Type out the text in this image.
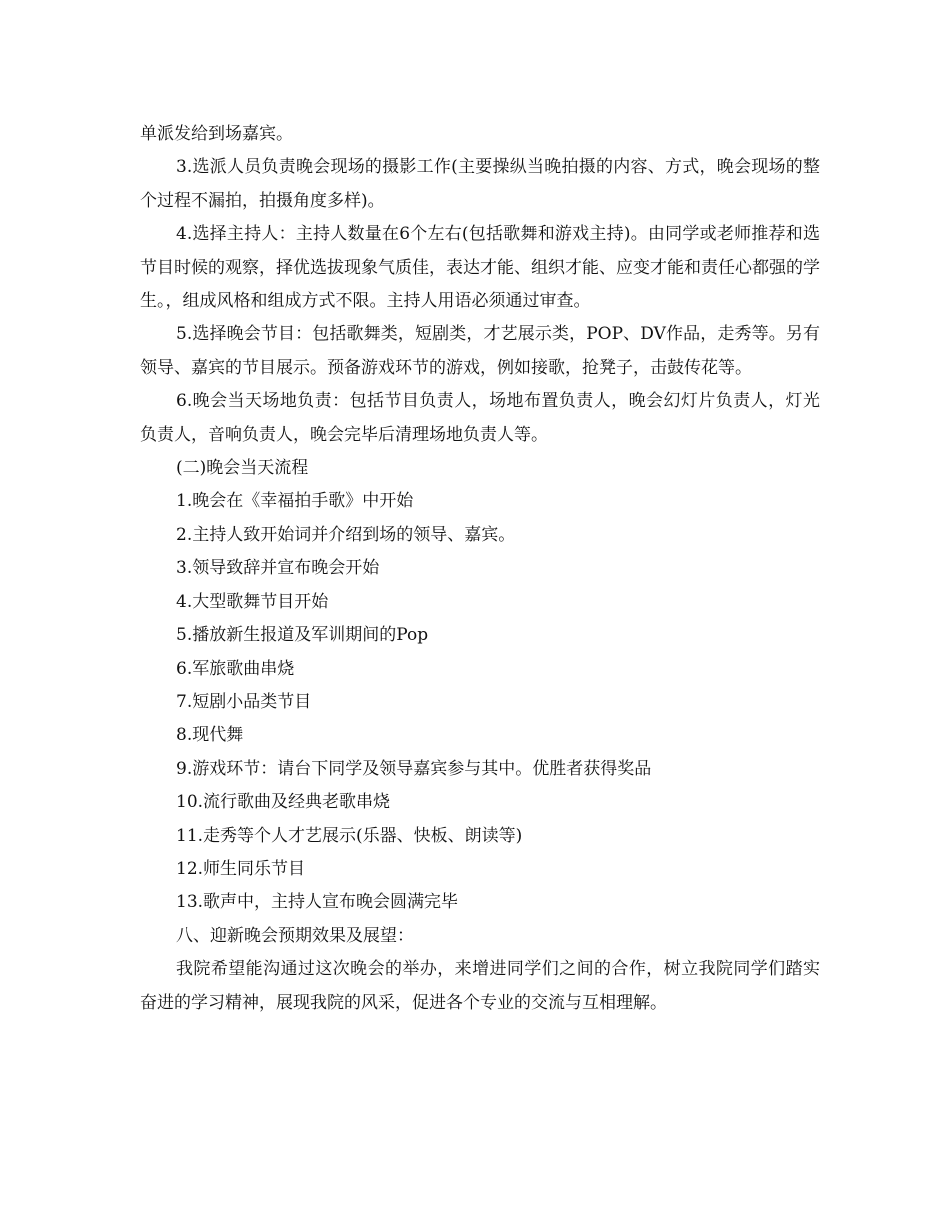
单派发给到场嘉宾。

3.选派人员负责晚会现场的摄影工作(主要操纵当晚拍摄的内容、方式，晚会现场的整个过程不漏拍，拍摄角度多样)。

4.选择主持人：主持人数量在6个左右(包括歌舞和游戏主持)。由同学或老师推荐和选节目时候的观察，择优选拔现象气质佳，表达才能、组织才能、应变才能和责任心都强的学生。，组成风格和组成方式不限。主持人用语必须通过审查。

5.选择晚会节目：包括歌舞类，短剧类，才艺展示类，POP、DV作品，走秀等。另有领导、嘉宾的节目展示。预备游戏环节的游戏，例如接歌，抢凳子，击鼓传花等。

6.晚会当天场地负责：包括节目负责人，场地布置负责人，晚会幻灯片负责人，灯光负责人，音响负责人，晚会完毕后清理场地负责人等。

(二)晚会当天流程

1.晚会在《幸福拍手歌》中开始

2.主持人致开始词并介绍到场的领导、嘉宾。

3.领导致辞并宣布晚会开始

4.大型歌舞节目开始

5.播放新生报道及军训期间的Pop

6.军旅歌曲串烧

7.短剧小品类节目

8.现代舞

9.游戏环节：请台下同学及领导嘉宾参与其中。优胜者获得奖品

10.流行歌曲及经典老歌串烧

11.走秀等个人才艺展示(乐器、快板、朗读等)

12.师生同乐节目

13.歌声中，主持人宣布晚会圆满完毕

八、迎新晚会预期效果及展望：

我院希望能沟通过这次晚会的举办，来增进同学们之间的合作，树立我院同学们踏实奋进的学习精神，展现我院的风采，促进各个专业的交流与互相理解。
